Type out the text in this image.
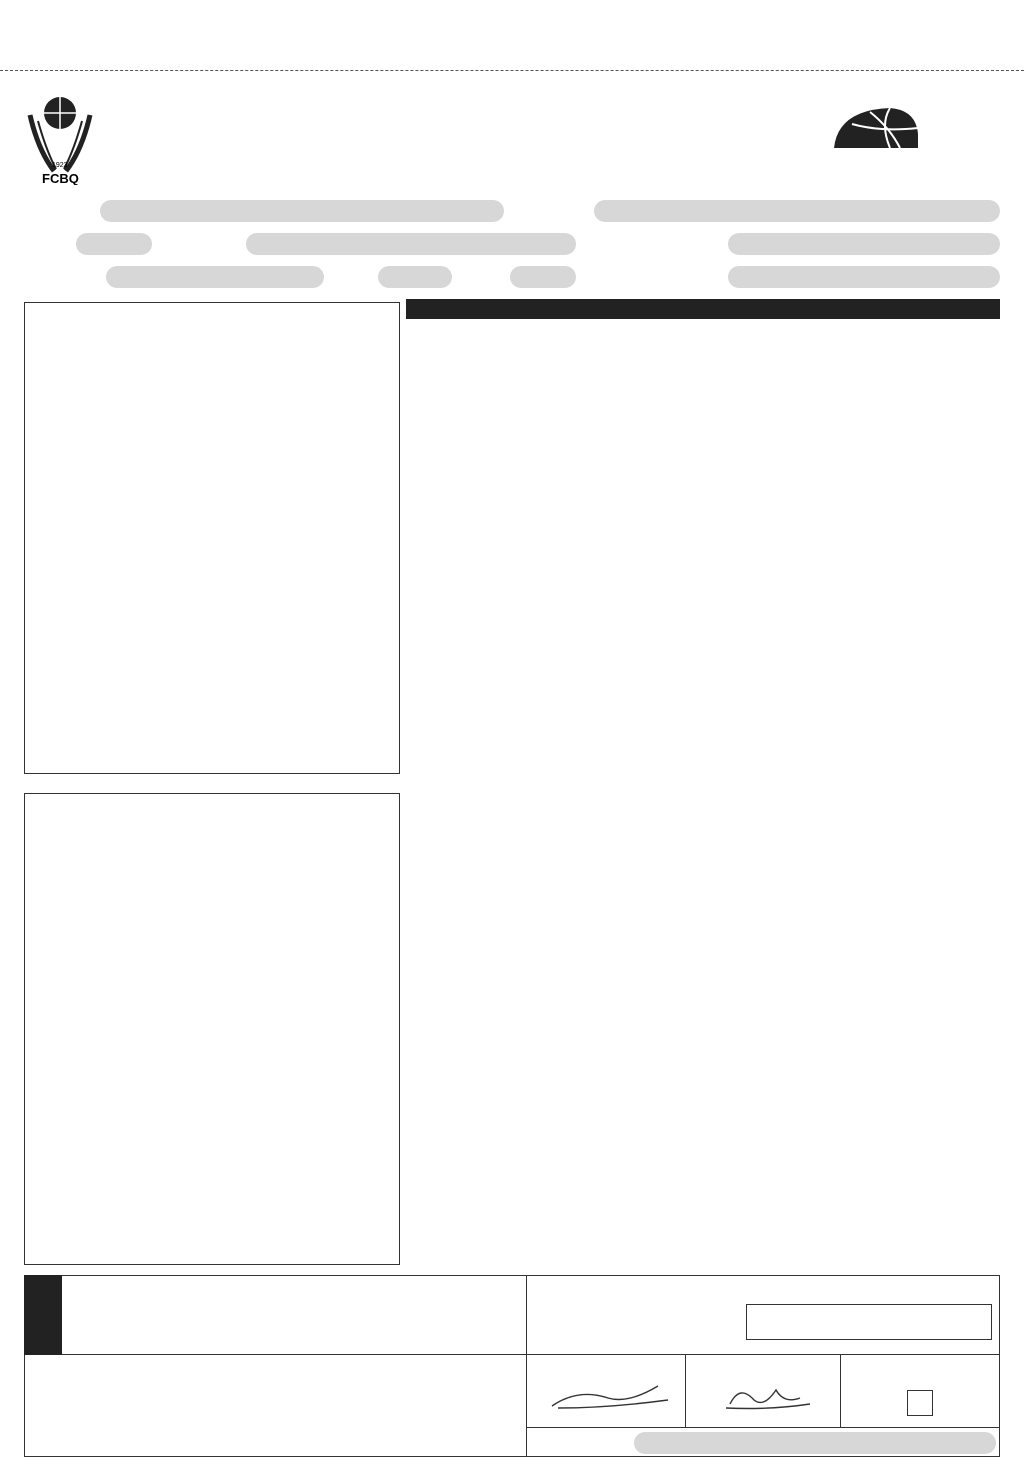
1923
FCBQ
